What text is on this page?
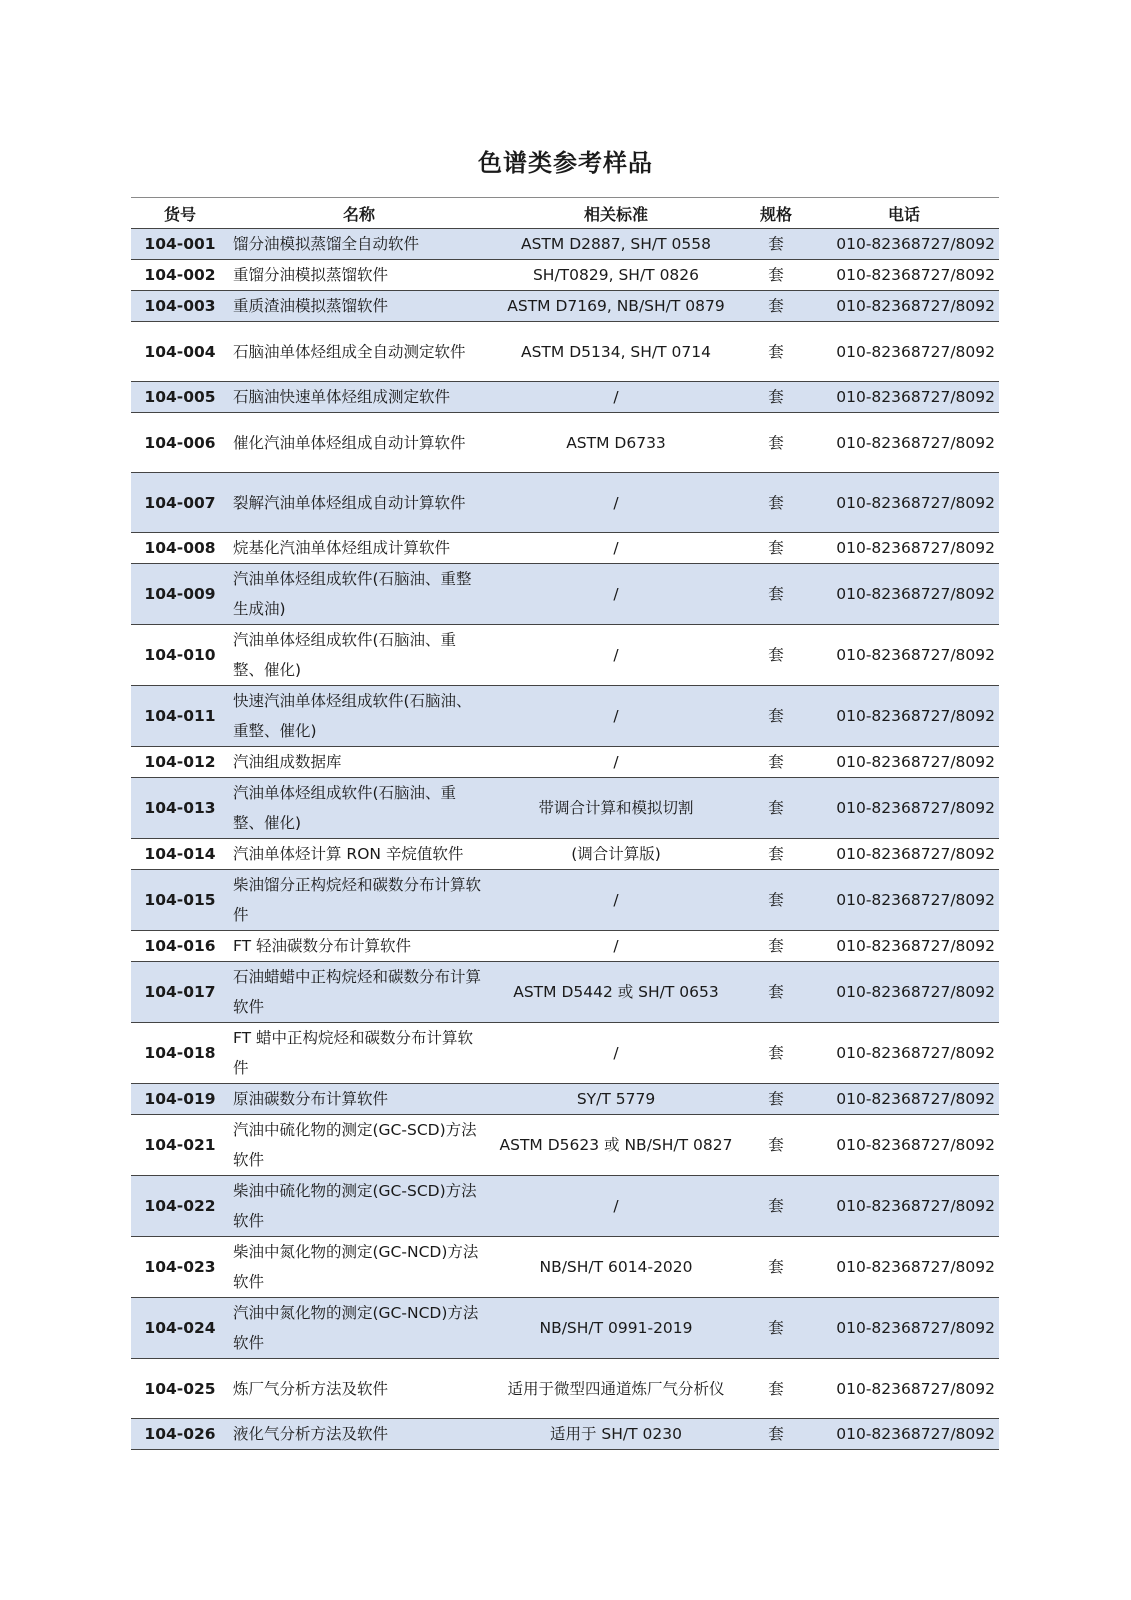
色谱类参考样品
货号	名称	相关标准	规格	电话
104-001	馏分油模拟蒸馏全自动软件	ASTM D2887, SH/T 0558	套	010-82368727/8092
104-002	重馏分油模拟蒸馏软件	SH/T0829, SH/T 0826	套	010-82368727/8092
104-003	重质渣油模拟蒸馏软件	ASTM D7169, NB/SH/T 0879	套	010-82368727/8092
104-004	石脑油单体烃组成全自动测定软件	ASTM D5134, SH/T 0714	套	010-82368727/8092
104-005	石脑油快速单体烃组成测定软件	/	套	010-82368727/8092
104-006	催化汽油单体烃组成自动计算软件	ASTM D6733	套	010-82368727/8092
104-007	裂解汽油单体烃组成自动计算软件	/	套	010-82368727/8092
104-008	烷基化汽油单体烃组成计算软件	/	套	010-82368727/8092
104-009	汽油单体烃组成软件(石脑油、重整生成油)	/	套	010-82368727/8092
104-010	汽油单体烃组成软件(石脑油、重整、催化)	/	套	010-82368727/8092
104-011	快速汽油单体烃组成软件(石脑油、重整、催化)	/	套	010-82368727/8092
104-012	汽油组成数据库	/	套	010-82368727/8092
104-013	汽油单体烃组成软件(石脑油、重整、催化)	带调合计算和模拟切割	套	010-82368727/8092
104-014	汽油单体烃计算 RON 辛烷值软件	(调合计算版)	套	010-82368727/8092
104-015	柴油馏分正构烷烃和碳数分布计算软件	/	套	010-82368727/8092
104-016	FT 轻油碳数分布计算软件	/	套	010-82368727/8092
104-017	石油蜡蜡中正构烷烃和碳数分布计算软件	ASTM D5442 或 SH/T 0653	套	010-82368727/8092
104-018	FT 蜡中正构烷烃和碳数分布计算软件	/	套	010-82368727/8092
104-019	原油碳数分布计算软件	SY/T 5779	套	010-82368727/8092
104-021	汽油中硫化物的测定(GC-SCD)方法软件	ASTM D5623 或 NB/SH/T 0827	套	010-82368727/8092
104-022	柴油中硫化物的测定(GC-SCD)方法软件	/	套	010-82368727/8092
104-023	柴油中氮化物的测定(GC-NCD)方法软件	NB/SH/T 6014-2020	套	010-82368727/8092
104-024	汽油中氮化物的测定(GC-NCD)方法软件	NB/SH/T 0991-2019	套	010-82368727/8092
104-025	炼厂气分析方法及软件	适用于微型四通道炼厂气分析仪	套	010-82368727/8092
104-026	液化气分析方法及软件	适用于 SH/T 0230	套	010-82368727/8092
